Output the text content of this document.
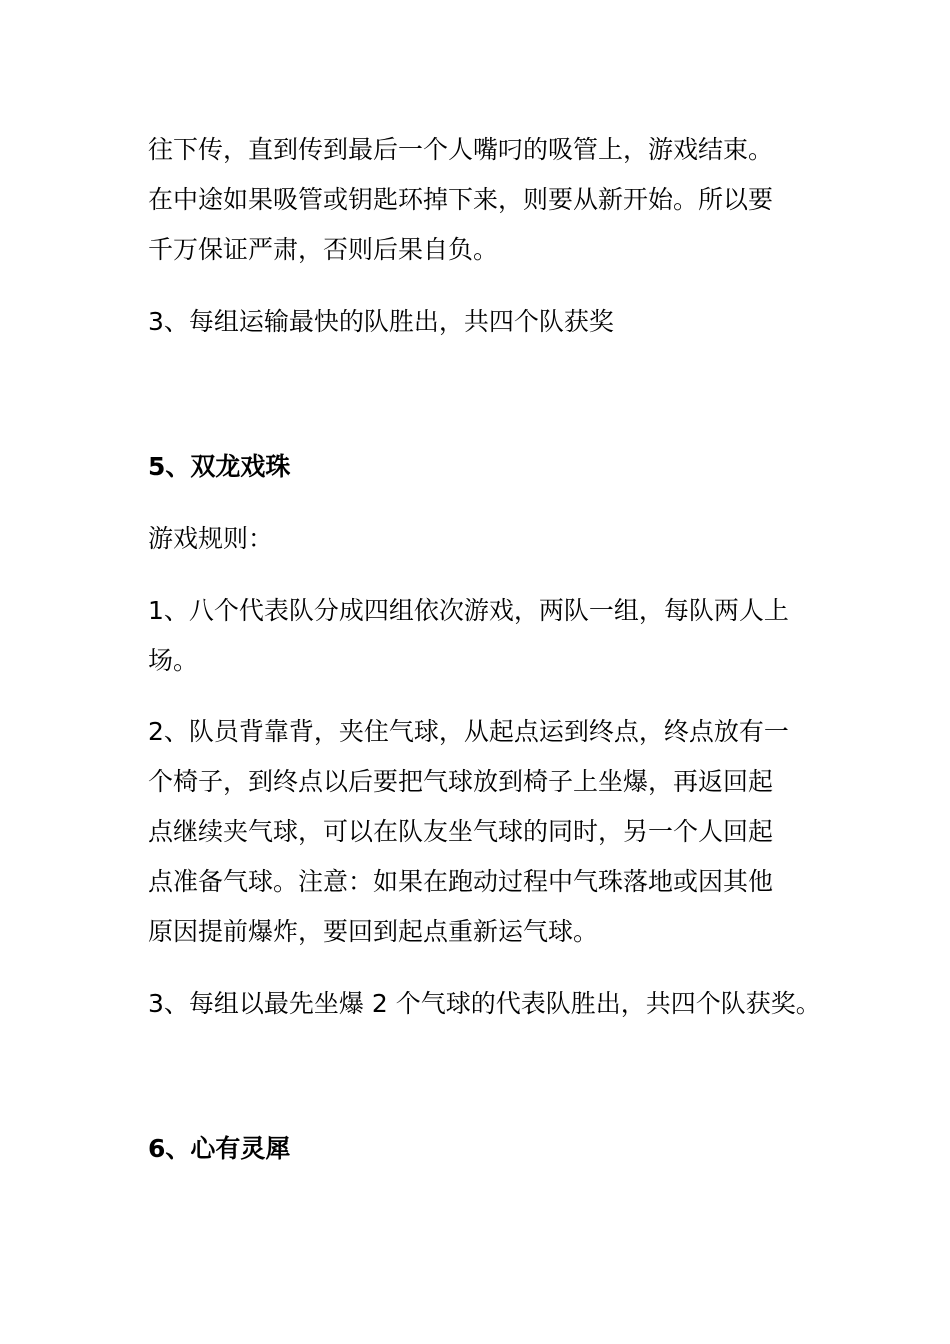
往下传，直到传到最后一个人嘴叼的吸管上，游戏结束。
在中途如果吸管或钥匙环掉下来，则要从新开始。所以要
千万保证严肃，否则后果自负。
3、每组运输最快的队胜出，共四个队获奖
5、双龙戏珠
游戏规则：
1、八个代表队分成四组依次游戏，两队一组，每队两人上
场。
2、队员背靠背，夹住气球，从起点运到终点，终点放有一
个椅子，到终点以后要把气球放到椅子上坐爆，再返回起
点继续夹气球，可以在队友坐气球的同时，另一个人回起
点准备气球。注意：如果在跑动过程中气珠落地或因其他
原因提前爆炸，要回到起点重新运气球。
3、每组以最先坐爆 2 个气球的代表队胜出，共四个队获奖。
6、心有灵犀
